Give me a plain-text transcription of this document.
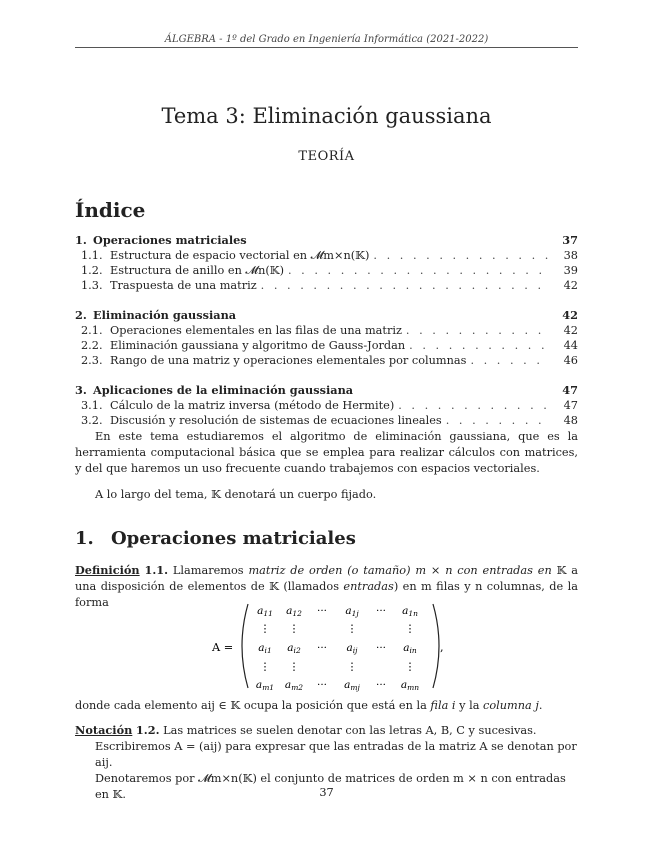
ÁLGEBRA - 1º del Grado en Ingeniería Informática (2021-2022)
Tema 3: Eliminación gaussiana
TEORÍA
Índice
1. Operaciones matriciales	37
1.1. Estructura de espacio vectorial en 𝓜m×n(𝕂) . . .	38
1.2. Estructura de anillo en 𝓜n(𝕂) . . .	39
1.3. Traspuesta de una matriz . . .	42
2. Eliminación gaussiana	42
2.1. Operaciones elementales en las filas de una matriz . . .	42
2.2. Eliminación gaussiana y algoritmo de Gauss-Jordan . . .	44
2.3. Rango de una matriz y operaciones elementales por columnas . . .	46
3. Aplicaciones de la eliminación gaussiana	47
3.1. Cálculo de la matriz inversa (método de Hermite) . . .	47
3.2. Discusión y resolución de sistemas de ecuaciones lineales . . .	48

En este tema estudiaremos el algoritmo de eliminación gaussiana, que es la herramienta computacional básica que se emplea para realizar cálculos con matrices, y del que haremos un uso frecuente cuando trabajemos con espacios vectoriales.

A lo largo del tema, 𝕂 denotará un cuerpo fijado.

1. Operaciones matriciales
Definición 1.1. Llamaremos matriz de orden (o tamaño) m × n con entradas en 𝕂 a una disposición de elementos de 𝕂 (llamados entradas) en m filas y n columnas, de la forma
A =	,
a11 a12 ··· a1j ··· a1n
⋮ ⋮	⋮	⋮
ai1 ai2 ··· aij ··· ain
⋮ ⋮	⋮	⋮
am1 am2 ··· amj ··· amn
donde cada elemento aij ∈ 𝕂 ocupa la posición que está en la fila i y la columna j.
Notación 1.2. Las matrices se suelen denotar con las letras A, B, C y sucesivas.
Escribiremos A = (aij) para expresar que las entradas de la matriz A se denotan por aij.
Denotaremos por 𝓜m×n(𝕂) el conjunto de matrices de orden m × n con entradas en 𝕂.	37
